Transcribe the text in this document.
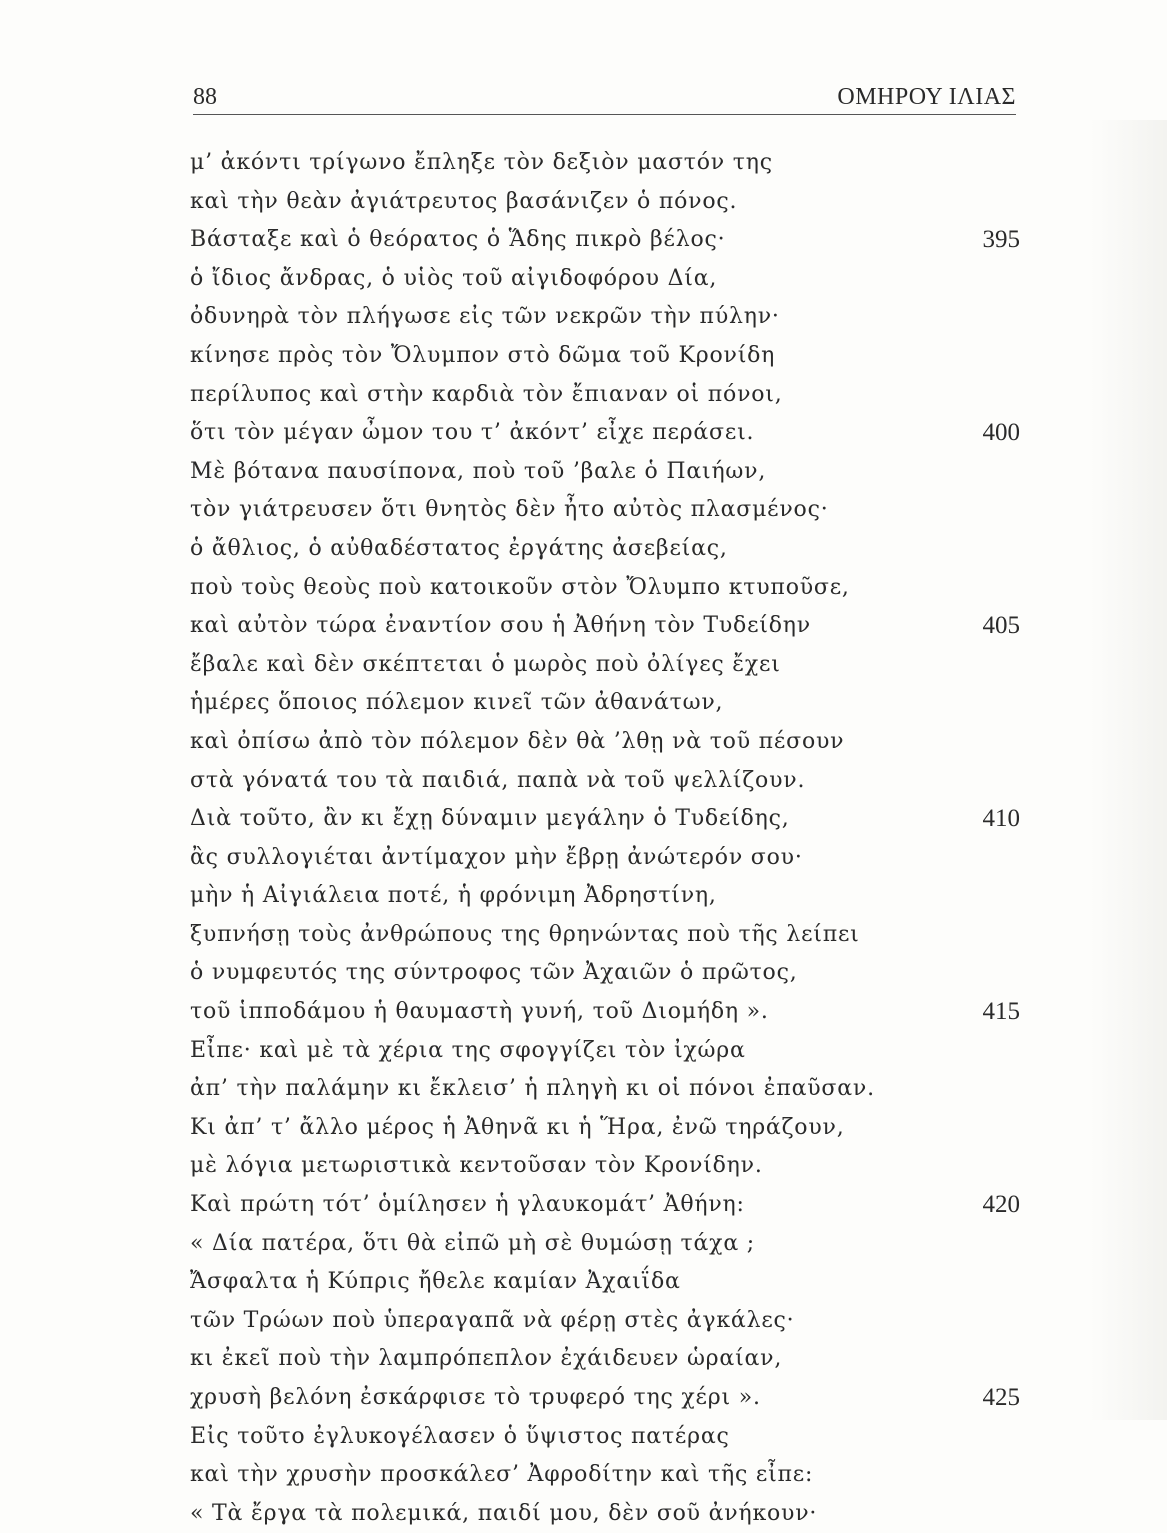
88	ΟΜΗΡΟΥ ΙΛΙΑΣ
μ’ ἀκόντι τρίγωνο ἔπληξε τὸν δεξιὸν μαστόν της
καὶ τὴν θεὰν ἀγιάτρευτος βασάνιζεν ὁ πόνος.
Βάσταξε καὶ ὁ θεόρατος ὁ Ἅδης πικρὸ βέλος·	395
ὁ ἴδιος ἄνδρας, ὁ υἱὸς τοῦ αἰγιδοφόρου Δία,
ὀδυνηρὰ τὸν πλήγωσε εἰς τῶν νεκρῶν τὴν πύλην·
κίνησε πρὸς τὸν Ὄλυμπον στὸ δῶμα τοῦ Κρονίδη
περίλυπος καὶ στὴν καρδιὰ τὸν ἔπιαναν οἱ πόνοι,
ὅτι τὸν μέγαν ὦμον του τ’ ἀκόντ’ εἶχε περάσει.	400
Μὲ βότανα παυσίπονα, ποὺ τοῦ ’βαλε ὁ Παιήων,
τὸν γιάτρευσεν ὅτι θνητὸς δὲν ἦτο αὐτὸς πλασμένος·
ὁ ἄθλιος, ὁ αὐθαδέστατος ἐργάτης ἀσεβείας,
ποὺ τοὺς θεοὺς ποὺ κατοικοῦν στὸν Ὄλυμπο κτυποῦσε,
καὶ αὐτὸν τώρα ἐναντίον σου ἡ Ἀθήνη τὸν Τυδείδην	405
ἔβαλε καὶ δὲν σκέπτεται ὁ μωρὸς ποὺ ὀλίγες ἔχει
ἡμέρες ὅποιος πόλεμον κινεῖ τῶν ἀθανάτων,
καὶ ὀπίσω ἀπὸ τὸν πόλεμον δὲν θὰ ’λθῃ νὰ τοῦ πέσουν
στὰ γόνατά του τὰ παιδιά, παπὰ νὰ τοῦ ψελλίζουν.
Διὰ τοῦτο, ἂν κι ἔχῃ δύναμιν μεγάλην ὁ Τυδείδης,	410
ἂς συλλογιέται ἀντίμαχον μὴν ἔβρῃ ἀνώτερόν σου·
μὴν ἡ Αἰγιάλεια ποτέ, ἡ φρόνιμη Ἀδρηστίνη,
ξυπνήσῃ τοὺς ἀνθρώπους της θρηνώντας ποὺ τῆς λείπει
ὁ νυμφευτός της σύντροφος τῶν Ἀχαιῶν ὁ πρῶτος,
τοῦ ἱπποδάμου ἡ θαυμαστὴ γυνή, τοῦ Διομήδη ».	415
Εἶπε· καὶ μὲ τὰ χέρια της σφογγίζει τὸν ἰχώρα
ἀπ’ τὴν παλάμην κι ἔκλεισ’ ἡ πληγὴ κι οἱ πόνοι ἐπαῦσαν.
Κι ἀπ’ τ’ ἄλλο μέρος ἡ Ἀθηνᾶ κι ἡ Ἥρα, ἐνῶ τηράζουν,
μὲ λόγια μετωριστικὰ κεντοῦσαν τὸν Κρονίδην.
Καὶ πρώτη τότ’ ὁμίλησεν ἡ γλαυκομάτ’ Ἀθήνη:	420
« Δία πατέρα, ὅτι θὰ εἰπῶ μὴ σὲ θυμώσῃ τάχα ;
Ἄσφαλτα ἡ Κύπρις ἤθελε καμίαν Ἀχαιΐδα
τῶν Τρώων ποὺ ὑπεραγαπᾶ νὰ φέρῃ στὲς ἀγκάλες·
κι ἐκεῖ ποὺ τὴν λαμπρόπεπλον ἐχάιδευεν ὡραίαν,
χρυσὴ βελόνη ἐσκάρφισε τὸ τρυφερό της χέρι ».	425
Εἰς τοῦτο ἐγλυκογέλασεν ὁ ὕψιστος πατέρας
καὶ τὴν χρυσὴν προσκάλεσ’ Ἀφροδίτην καὶ τῆς εἶπε:
« Τὰ ἔργα τὰ πολεμικά, παιδί μου, δὲν σοῦ ἀνήκουν·
